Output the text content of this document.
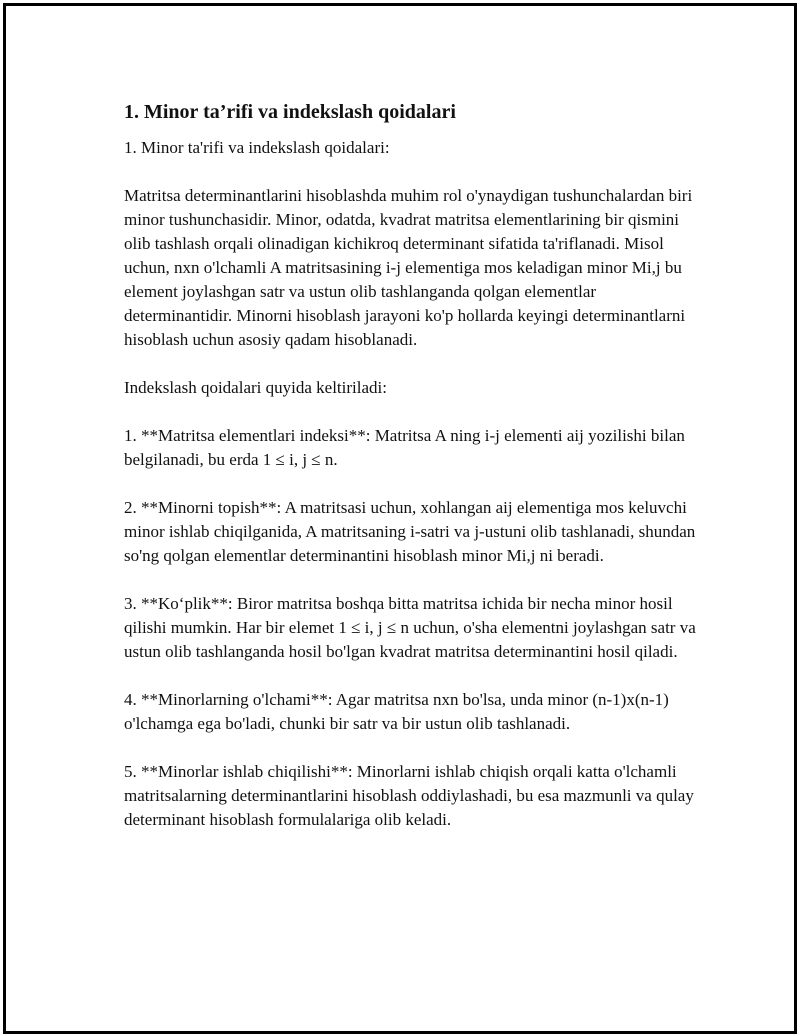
1. Minor ta’rifi va indekslash qoidalari

1. Minor ta'rifi va indekslash qoidalari:

Matritsa determinantlarini hisoblashda muhim rol o'ynaydigan tushunchalardan biri minor tushunchasidir. Minor, odatda, kvadrat matritsa elementlarining bir qismini olib tashlash orqali olinadigan kichikroq determinant sifatida ta'riflanadi. Misol uchun, nxn o'lchamli A matritsasining i-j elementiga mos keladigan minor Mi,j bu element joylashgan satr va ustun olib tashlanganda qolgan elementlar determinantidir. Minorni hisoblash jarayoni ko'p hollarda keyingi determinantlarni hisoblash uchun asosiy qadam hisoblanadi.

Indekslash qoidalari quyida keltiriladi:

1. **Matritsa elementlari indeksi**: Matritsa A ning i-j elementi aij yozilishi bilan belgilanadi, bu erda 1 ≤ i, j ≤ n.

2. **Minorni topish**: A matritsasi uchun, xohlangan aij elementiga mos keluvchi minor ishlab chiqilganida, A matritsaning i-satri va j-ustuni olib tashlanadi, shundan so'ng qolgan elementlar determinantini hisoblash minor Mi,j ni beradi.

3. **Ko‘plik**: Biror matritsa boshqa bitta matritsa ichida bir necha minor hosil qilishi mumkin. Har bir elemet 1 ≤ i, j ≤ n uchun, o'sha elementni joylashgan satr va ustun olib tashlanganda hosil bo'lgan kvadrat matritsa determinantini hosil qiladi.

4. **Minorlarning o'lchami**: Agar matritsa nxn bo'lsa, unda minor (n-1)x(n-1) o'lchamga ega bo'ladi, chunki bir satr va bir ustun olib tashlanadi.

5. **Minorlar ishlab chiqilishi**: Minorlarni ishlab chiqish orqali katta o'lchamli matritsalarning determinantlarini hisoblash oddiylashadi, bu esa mazmunli va qulay determinant hisoblash formulalariga olib keladi.
